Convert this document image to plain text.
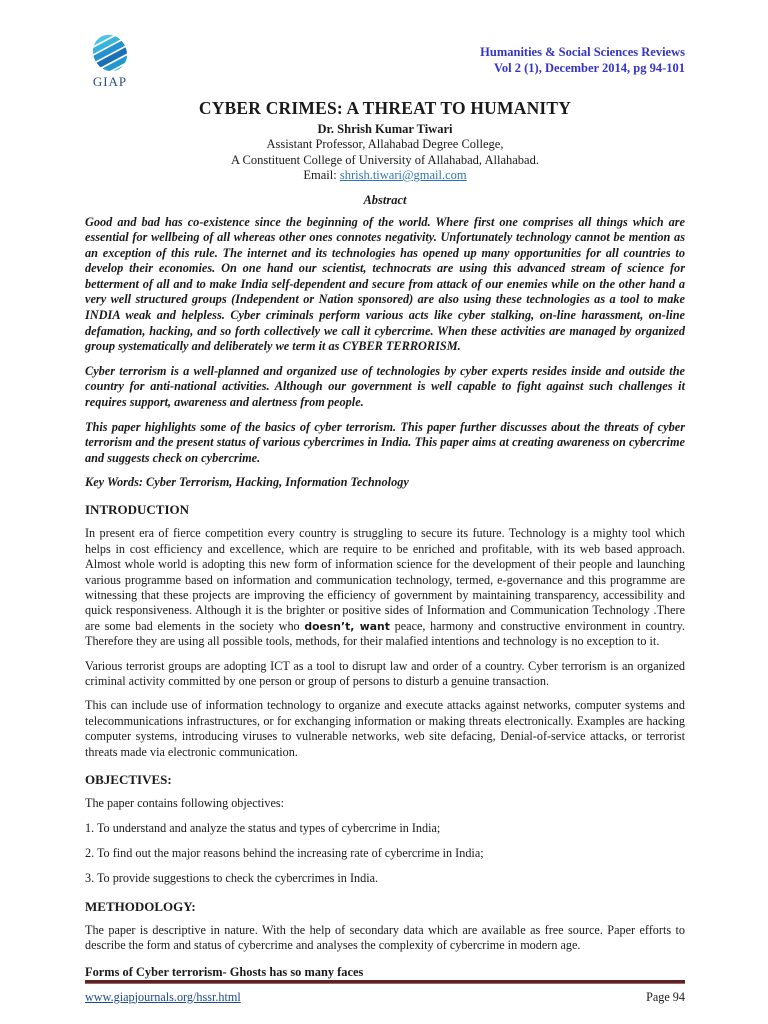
GIAP
Humanities & Social Sciences Reviews
Vol 2 (1), December 2014, pg 94-101
CYBER CRIMES: A THREAT TO HUMANITY
Dr. Shrish Kumar Tiwari
Assistant Professor, Allahabad Degree College,
A Constituent College of University of Allahabad, Allahabad.
Email: shrish.tiwari@gmail.com
Abstract

Good and bad has co-existence since the beginning of the world. Where first one comprises all things which are essential for wellbeing of all whereas other ones connotes negativity. Unfortunately technology cannot be mention as an exception of this rule. The internet and its technologies has opened up many opportunities for all countries to develop their economies. On one hand our scientist, technocrats are using this advanced stream of science for betterment of all and to make India self-dependent and secure from attack of our enemies while on the other hand a very well structured groups (Independent or Nation sponsored) are also using these technologies as a tool to make INDIA weak and helpless. Cyber criminals perform various acts like cyber stalking, on-line harassment, on-line defamation, hacking, and so forth collectively we call it cybercrime. When these activities are managed by organized group systematically and deliberately we term it as CYBER TERRORISM.

Cyber terrorism is a well-planned and organized use of technologies by cyber experts resides inside and outside the country for anti-national activities. Although our government is well capable to fight against such challenges it requires support, awareness and alertness from people.

This paper highlights some of the basics of cyber terrorism. This paper further discusses about the threats of cyber terrorism and the present status of various cybercrimes in India. This paper aims at creating awareness on cybercrime and suggests check on cybercrime.

Key Words: Cyber Terrorism, Hacking, Information Technology

INTRODUCTION

In present era of fierce competition every country is struggling to secure its future. Technology is a mighty tool which helps in cost efficiency and excellence, which are require to be enriched and profitable, with its web based approach. Almost whole world is adopting this new form of information science for the development of their people and launching various programme based on information and communication technology, termed, e-governance and this programme are witnessing that these projects are improving the efficiency of government by maintaining transparency, accessibility and quick responsiveness. Although it is the brighter or positive sides of Information and Communication Technology .There are some bad elements in the society who doesn’t, want peace, harmony and constructive environment in country. Therefore they are using all possible tools, methods, for their malafied intentions and technology is no exception to it.

Various terrorist groups are adopting ICT as a tool to disrupt law and order of a country. Cyber terrorism is an organized criminal activity committed by one person or group of persons to disturb a genuine transaction.

This can include use of information technology to organize and execute attacks against networks, computer systems and telecommunications infrastructures, or for exchanging information or making threats electronically. Examples are hacking computer systems, introducing viruses to vulnerable networks, web site defacing, Denial-of-service attacks, or terrorist threats made via electronic communication.

OBJECTIVES:

The paper contains following objectives:

1. To understand and analyze the status and types of cybercrime in India;

2. To find out the major reasons behind the increasing rate of cybercrime in India;

3. To provide suggestions to check the cybercrimes in India.

METHODOLOGY:

The paper is descriptive in nature. With the help of secondary data which are available as free source. Paper efforts to describe the form and status of cybercrime and analyses the complexity of cybercrime in modern age.

Forms of Cyber terrorism- Ghosts has so many faces
www.giapjournals.org/hssr.html	Page 94
